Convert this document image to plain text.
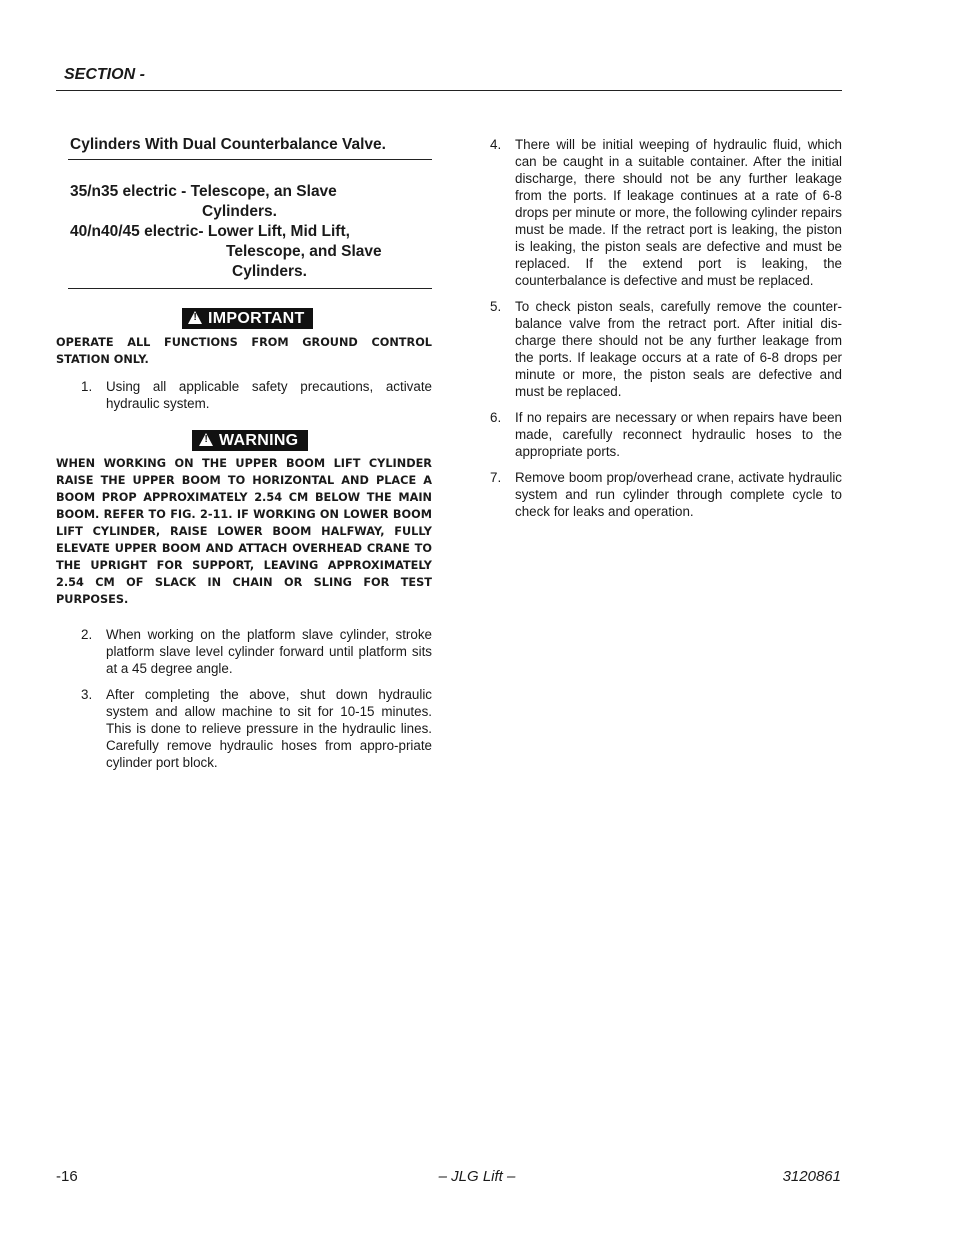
SECTION -
Cylinders With Dual Counterbalance Valve.
35/n35 electric - Telescope, an Slave
Cylinders.
40/n40/45 electric- Lower Lift, Mid Lift,
Telescope, and Slave
Cylinders.
! IMPORTANT
OPERATE ALL FUNCTIONS FROM GROUND CONTROL STATION ONLY.
1.	Using all applicable safety precautions, activate hydraulic system.
! WARNING
WHEN WORKING ON THE UPPER BOOM LIFT CYLINDER RAISE THE UPPER BOOM TO HORIZONTAL AND PLACE A BOOM PROP APPROXIMATELY 2.54 CM BELOW THE MAIN BOOM. REFER TO FIG. 2-11. IF WORKING ON LOWER BOOM LIFT CYLINDER, RAISE LOWER BOOM HALFWAY, FULLY ELEVATE UPPER BOOM AND ATTACH OVERHEAD CRANE TO THE UPRIGHT FOR SUPPORT, LEAVING APPROXIMATELY 2.54 CM OF SLACK IN CHAIN OR SLING FOR TEST PURPOSES.
2.	When working on the platform slave cylinder, stroke platform slave level cylinder forward until platform sits at a 45 degree angle.
3.	After completing the above, shut down hydraulic system and allow machine to sit for 10-15 minutes. This is done to relieve pressure in the hydraulic lines. Carefully remove hydraulic hoses from appro-priate cylinder port block.
4.	There will be initial weeping of hydraulic fluid, which can be caught in a suitable container. After the initial discharge, there should not be any further leakage from the ports. If leakage continues at a rate of 6-8 drops per minute or more, the following cylinder repairs must be made. If the retract port is leaking, the piston is leaking, the piston seals are defective and must be replaced. If the extend port is leaking, the counterbalance is defective and must be replaced.
5.	To check piston seals, carefully remove the counter-balance valve from the retract port. After initial dis-charge there should not be any further leakage from the ports. If leakage occurs at a rate of 6-8 drops per minute or more, the piston seals are defective and must be replaced.
6.	If no repairs are necessary or when repairs have been made, carefully reconnect hydraulic hoses to the appropriate ports.
7.	Remove boom prop/overhead crane, activate hydraulic system and run cylinder through complete cycle to check for leaks and operation.
-16	– JLG Lift –	3120861
